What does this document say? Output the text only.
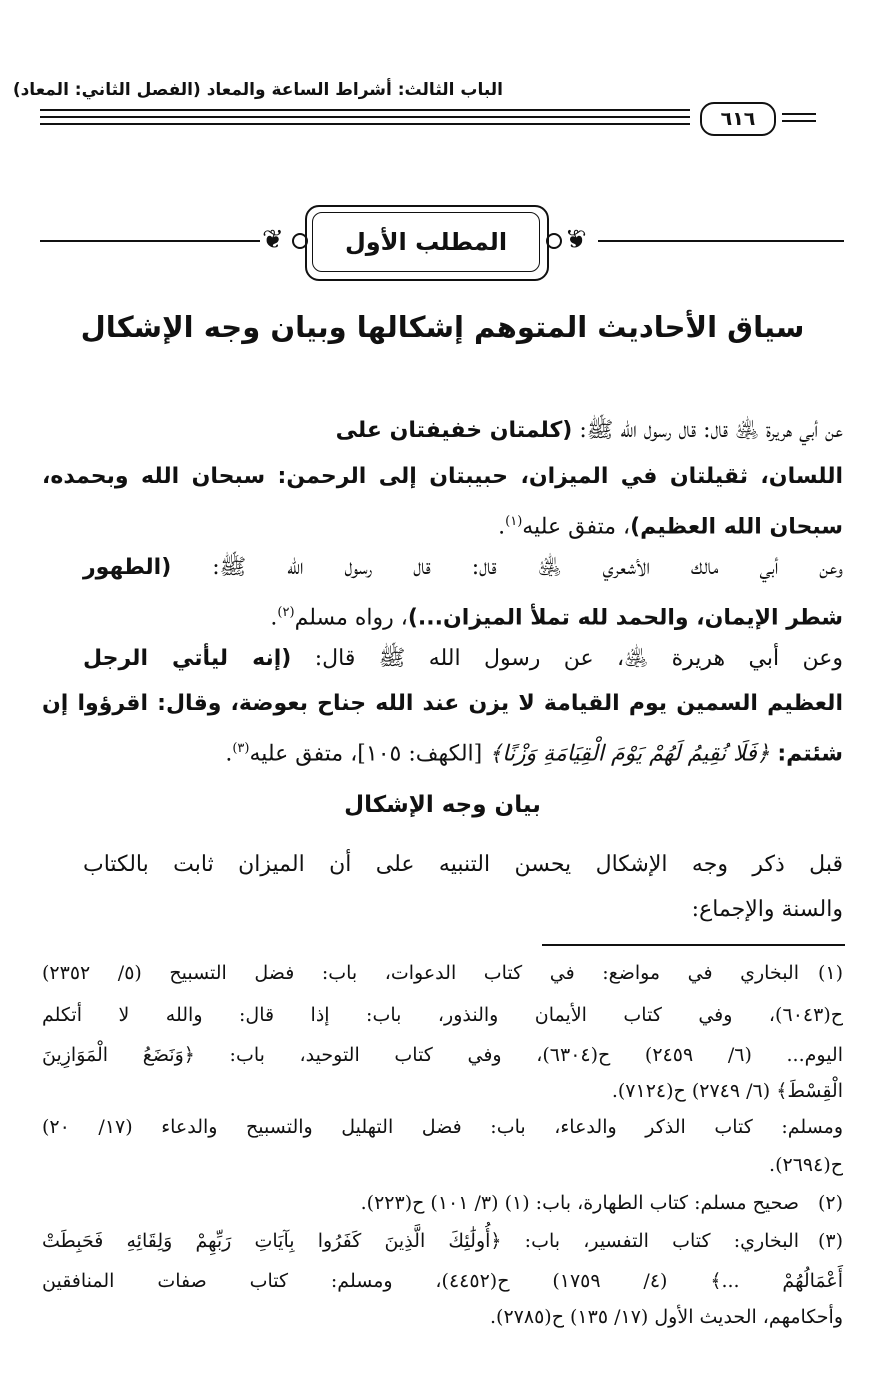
الباب الثالث: أشراط الساعة والمعاد (الفصل الثاني: المعاد)
٦١٦
❦	المطلب الأول	❦
سياق الأحاديث المتوهم إشكالها وبيان وجه الإشكال
عن أبي هريرة ﵁ قال: قال رسول الله ﷺ: (كلمتان خفيفتان على
اللسان، ثقيلتان في الميزان، حبيبتان إلى الرحمن: سبحان الله وبحمده،
سبحان الله العظيم)، متفق عليه$^{(١)}$.
وعن أبي مالك الأشعري ﵁ قال: قال رسول الله ﷺ: (الطهور
شطر الإيمان، والحمد لله تملأ الميزان...)، رواه مسلم$^{(٢)}$.
وعن أبي هريرة ﵁، عن رسول الله ﷺ قال: (إنه ليأتي الرجل
العظيم السمين يوم القيامة لا يزن عند الله جناح بعوضة، وقال: اقرؤوا إن
شئتم: ﴿فَلَا نُقِيمُ لَهُمْ يَوْمَ الْقِيَامَةِ وَزْنًا﴾ [الكهف: ١٠٥]، متفق عليه$^{(٣)}$.
بيان وجه الإشكال
قبل ذكر وجه الإشكال يحسن التنبيه على أن الميزان ثابت بالكتاب
والسنة والإجماع:
(١)
البخاري في مواضع: في كتاب الدعوات، باب: فضل التسبيح (٥/ ٢٣٥٢)
ح(٦٠٤٣)، وفي كتاب الأيمان والنذور، باب: إذا قال: والله لا أتكلم
اليوم... (٦/ ٢٤٥٩) ح(٦٣٠٤)، وفي كتاب التوحيد، باب: ﴿وَنَضَعُ الْمَوَازِينَ
الْقِسْطَ﴾ (٦/ ٢٧٤٩) ح(٧١٢٤).
ومسلم: كتاب الذكر والدعاء، باب: فضل التهليل والتسبيح والدعاء (١٧/ ٢٠)
ح(٢٦٩٤).
(٢)
صحيح مسلم: كتاب الطهارة، باب: (١) (٣/ ١٠١) ح(٢٢٣).
(٣)
البخاري: كتاب التفسير، باب: ﴿أُولَٰئِكَ الَّذِينَ كَفَرُوا بِآيَاتِ رَبِّهِمْ وَلِقَائِهِ فَحَبِطَتْ
أَعْمَالُهُمْ ...﴾ (٤/ ١٧٥٩) ح(٤٤٥٢)، ومسلم: كتاب صفات المنافقين
وأحكامهم، الحديث الأول (١٧/ ١٣٥) ح(٢٧٨٥).
